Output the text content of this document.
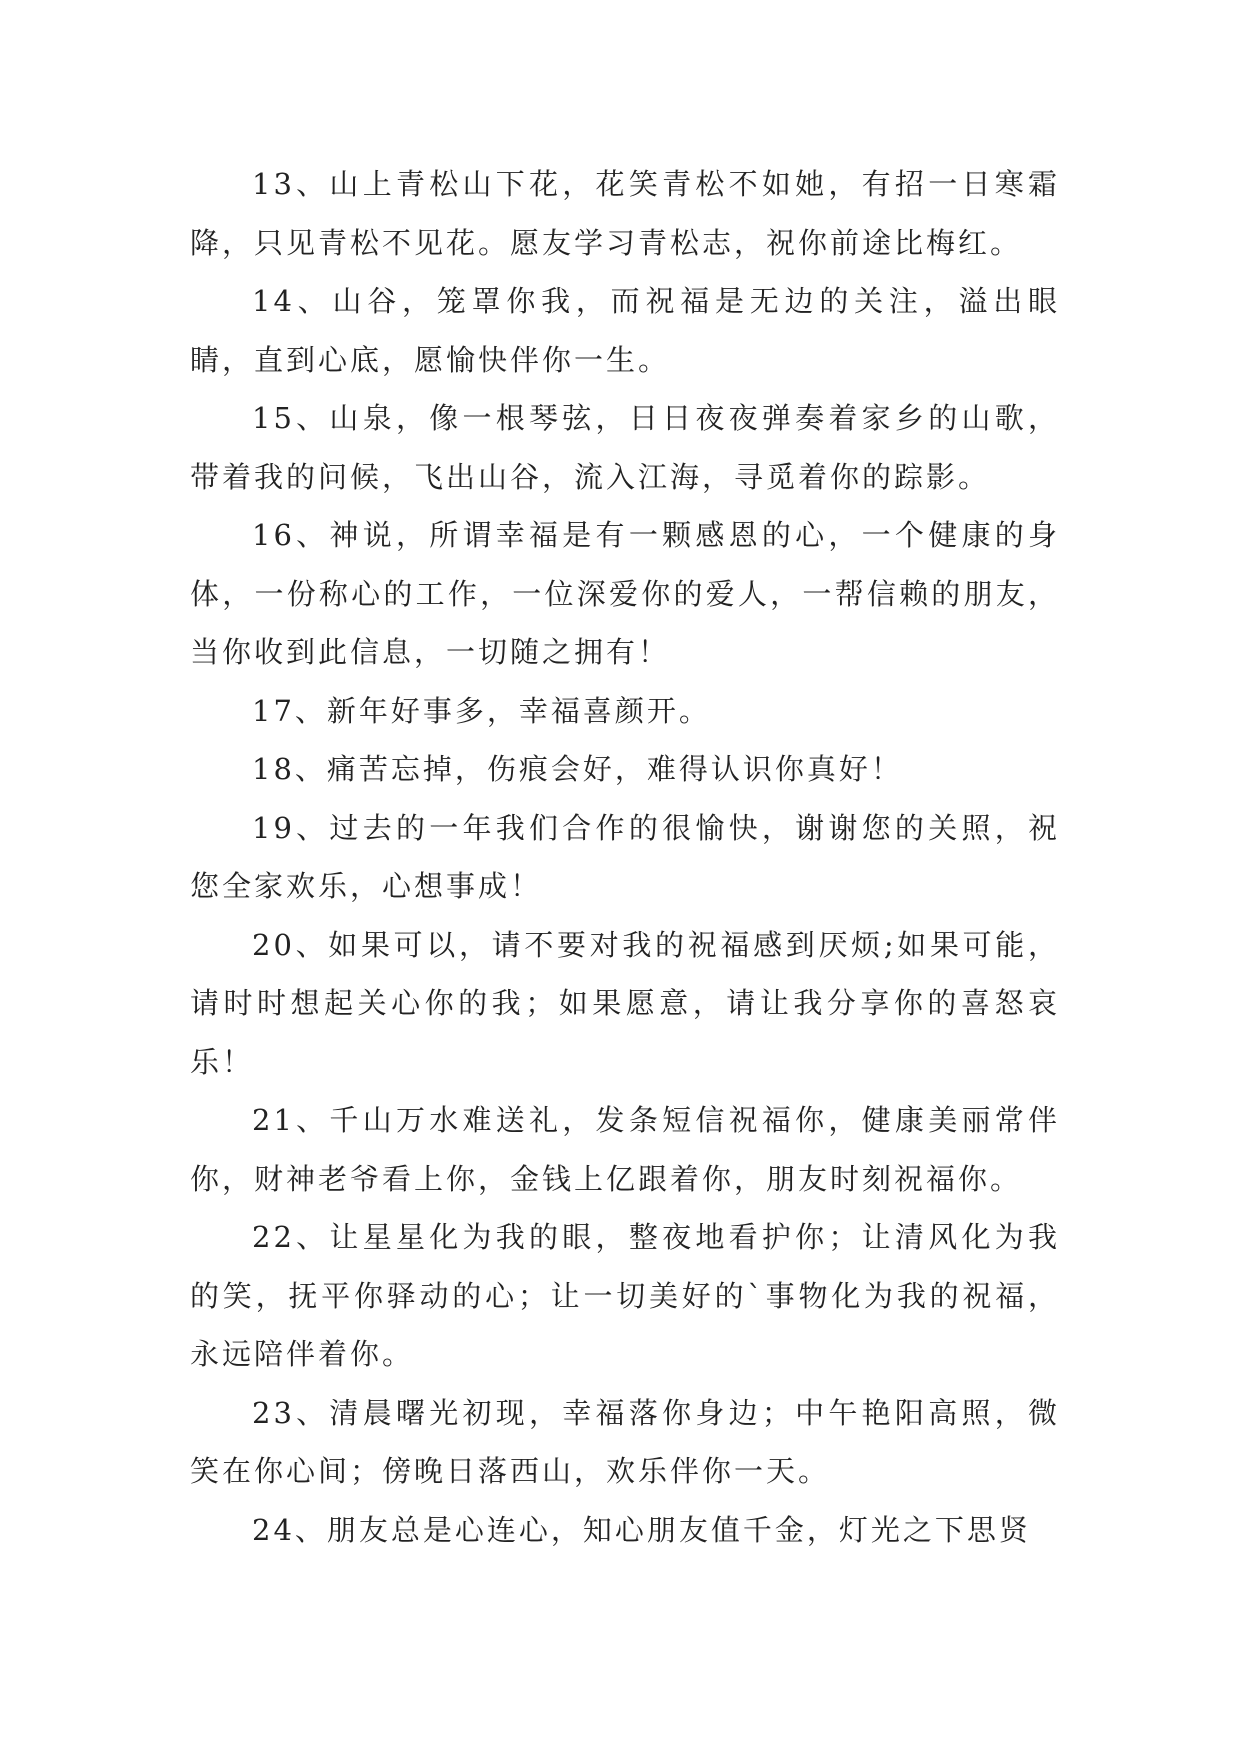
13、山上青松山下花，花笑青松不如她，有招一日寒霜降，只见青松不见花。愿友学习青松志，祝你前途比梅红。

14、山谷，笼罩你我，而祝福是无边的关注，溢出眼睛，直到心底，愿愉快伴你一生。

15、山泉，像一根琴弦，日日夜夜弹奏着家乡的山歌，带着我的问候，飞出山谷，流入江海，寻觅着你的踪影。

16、神说，所谓幸福是有一颗感恩的心，一个健康的身体，一份称心的工作，一位深爱你的爱人，一帮信赖的朋友，当你收到此信息，一切随之拥有！

17、新年好事多，幸福喜颜开。

18、痛苦忘掉，伤痕会好，难得认识你真好！

19、过去的一年我们合作的很愉快，谢谢您的关照，祝您全家欢乐，心想事成！

20、如果可以，请不要对我的祝福感到厌烦;如果可能，请时时想起关心你的我；如果愿意，请让我分享你的喜怒哀乐！

21、千山万水难送礼，发条短信祝福你，健康美丽常伴你，财神老爷看上你，金钱上亿跟着你，朋友时刻祝福你。

22、让星星化为我的眼，整夜地看护你；让清风化为我的笑，抚平你驿动的心；让一切美好的`事物化为我的祝福，永远陪伴着你。

23、清晨曙光初现，幸福落你身边；中午艳阳高照，微笑在你心间；傍晚日落西山，欢乐伴你一天。

24、朋友总是心连心，知心朋友值千金，灯光之下思贤
